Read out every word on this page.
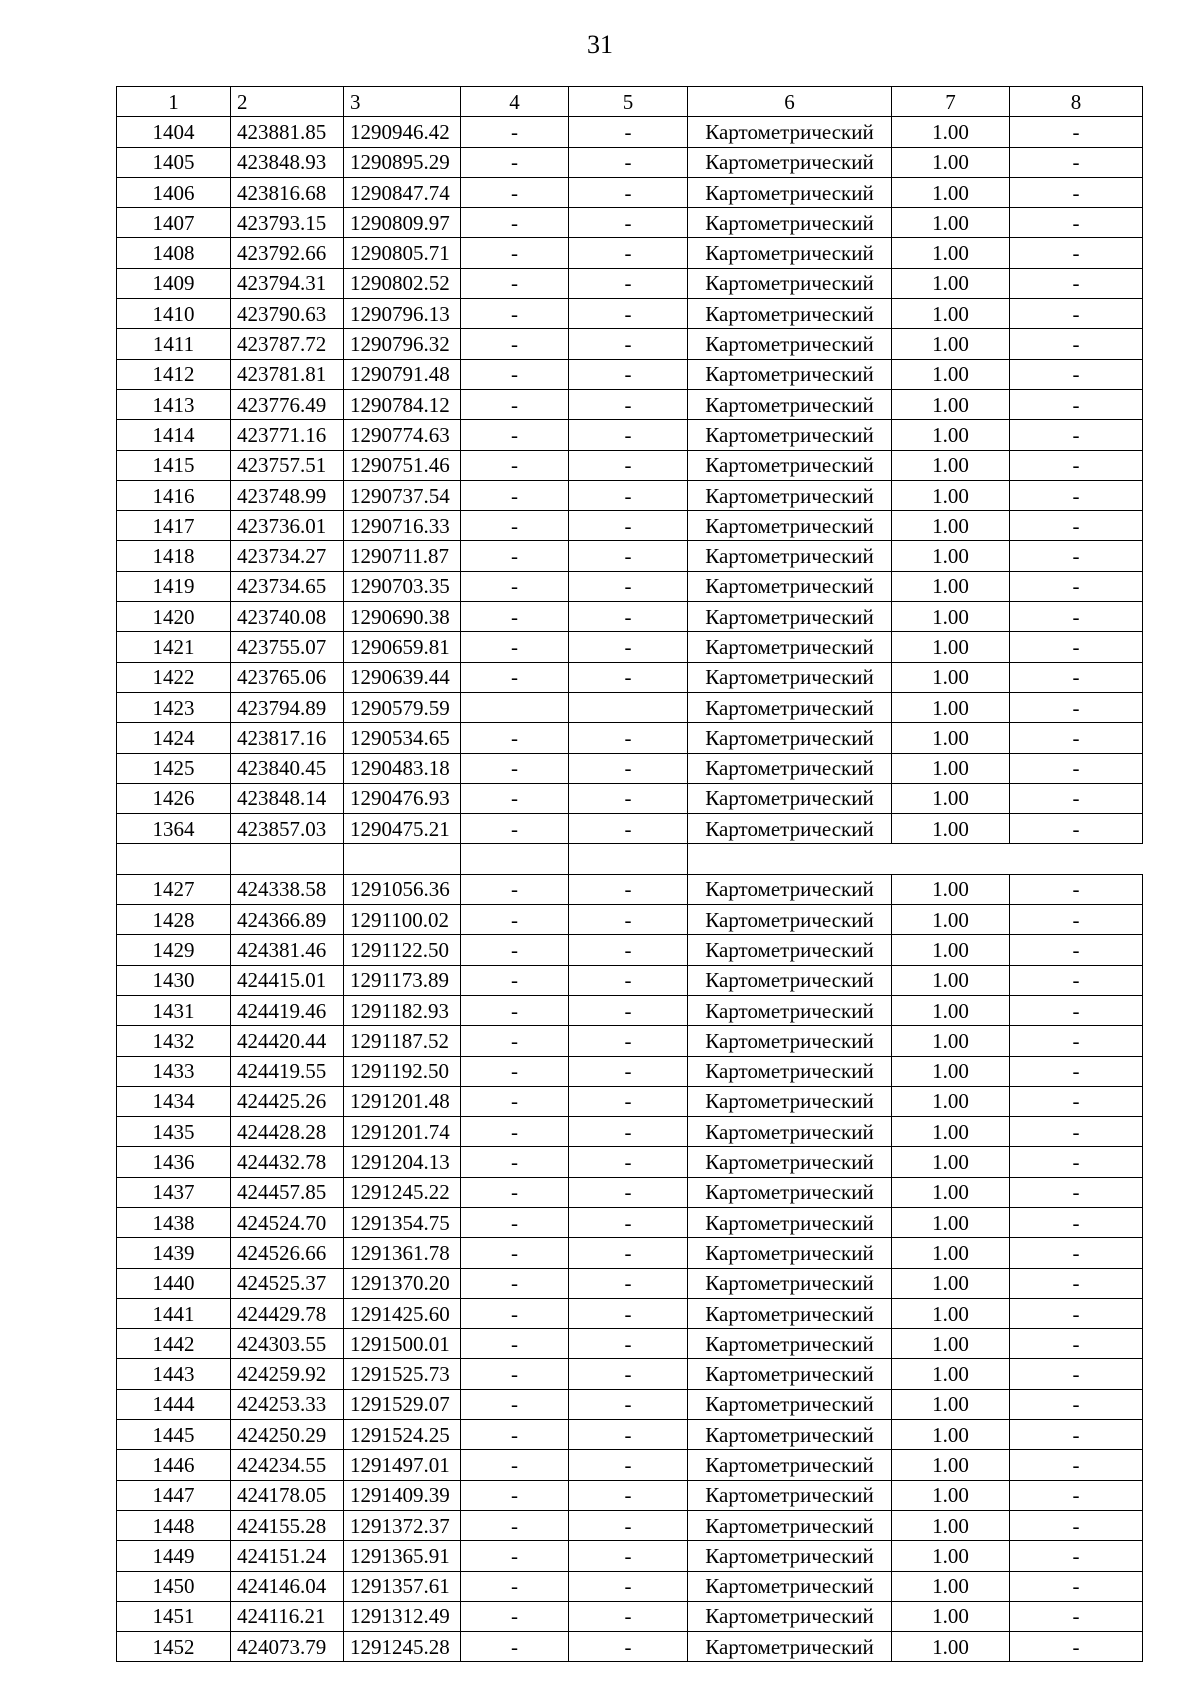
31
1	2	3	4	5	6	7	8
1404	423881.85	1290946.42	-	-	Картометрический	1.00	-
1405	423848.93	1290895.29	-	-	Картометрический	1.00	-
1406	423816.68	1290847.74	-	-	Картометрический	1.00	-
1407	423793.15	1290809.97	-	-	Картометрический	1.00	-
1408	423792.66	1290805.71	-	-	Картометрический	1.00	-
1409	423794.31	1290802.52	-	-	Картометрический	1.00	-
1410	423790.63	1290796.13	-	-	Картометрический	1.00	-
1411	423787.72	1290796.32	-	-	Картометрический	1.00	-
1412	423781.81	1290791.48	-	-	Картометрический	1.00	-
1413	423776.49	1290784.12	-	-	Картометрический	1.00	-
1414	423771.16	1290774.63	-	-	Картометрический	1.00	-
1415	423757.51	1290751.46	-	-	Картометрический	1.00	-
1416	423748.99	1290737.54	-	-	Картометрический	1.00	-
1417	423736.01	1290716.33	-	-	Картометрический	1.00	-
1418	423734.27	1290711.87	-	-	Картометрический	1.00	-
1419	423734.65	1290703.35	-	-	Картометрический	1.00	-
1420	423740.08	1290690.38	-	-	Картометрический	1.00	-
1421	423755.07	1290659.81	-	-	Картометрический	1.00	-
1422	423765.06	1290639.44	-	-	Картометрический	1.00	-
1423	423794.89	1290579.59			Картометрический	1.00	-
1424	423817.16	1290534.65	-	-	Картометрический	1.00	-
1425	423840.45	1290483.18	-	-	Картометрический	1.00	-
1426	423848.14	1290476.93	-	-	Картометрический	1.00	-
1364	423857.03	1290475.21	-	-	Картометрический	1.00	-

1427	424338.58	1291056.36	-	-	Картометрический	1.00	-
1428	424366.89	1291100.02	-	-	Картометрический	1.00	-
1429	424381.46	1291122.50	-	-	Картометрический	1.00	-
1430	424415.01	1291173.89	-	-	Картометрический	1.00	-
1431	424419.46	1291182.93	-	-	Картометрический	1.00	-
1432	424420.44	1291187.52	-	-	Картометрический	1.00	-
1433	424419.55	1291192.50	-	-	Картометрический	1.00	-
1434	424425.26	1291201.48	-	-	Картометрический	1.00	-
1435	424428.28	1291201.74	-	-	Картометрический	1.00	-
1436	424432.78	1291204.13	-	-	Картометрический	1.00	-
1437	424457.85	1291245.22	-	-	Картометрический	1.00	-
1438	424524.70	1291354.75	-	-	Картометрический	1.00	-
1439	424526.66	1291361.78	-	-	Картометрический	1.00	-
1440	424525.37	1291370.20	-	-	Картометрический	1.00	-
1441	424429.78	1291425.60	-	-	Картометрический	1.00	-
1442	424303.55	1291500.01	-	-	Картометрический	1.00	-
1443	424259.92	1291525.73	-	-	Картометрический	1.00	-
1444	424253.33	1291529.07	-	-	Картометрический	1.00	-
1445	424250.29	1291524.25	-	-	Картометрический	1.00	-
1446	424234.55	1291497.01	-	-	Картометрический	1.00	-
1447	424178.05	1291409.39	-	-	Картометрический	1.00	-
1448	424155.28	1291372.37	-	-	Картометрический	1.00	-
1449	424151.24	1291365.91	-	-	Картометрический	1.00	-
1450	424146.04	1291357.61	-	-	Картометрический	1.00	-
1451	424116.21	1291312.49	-	-	Картометрический	1.00	-
1452	424073.79	1291245.28	-	-	Картометрический	1.00	-
